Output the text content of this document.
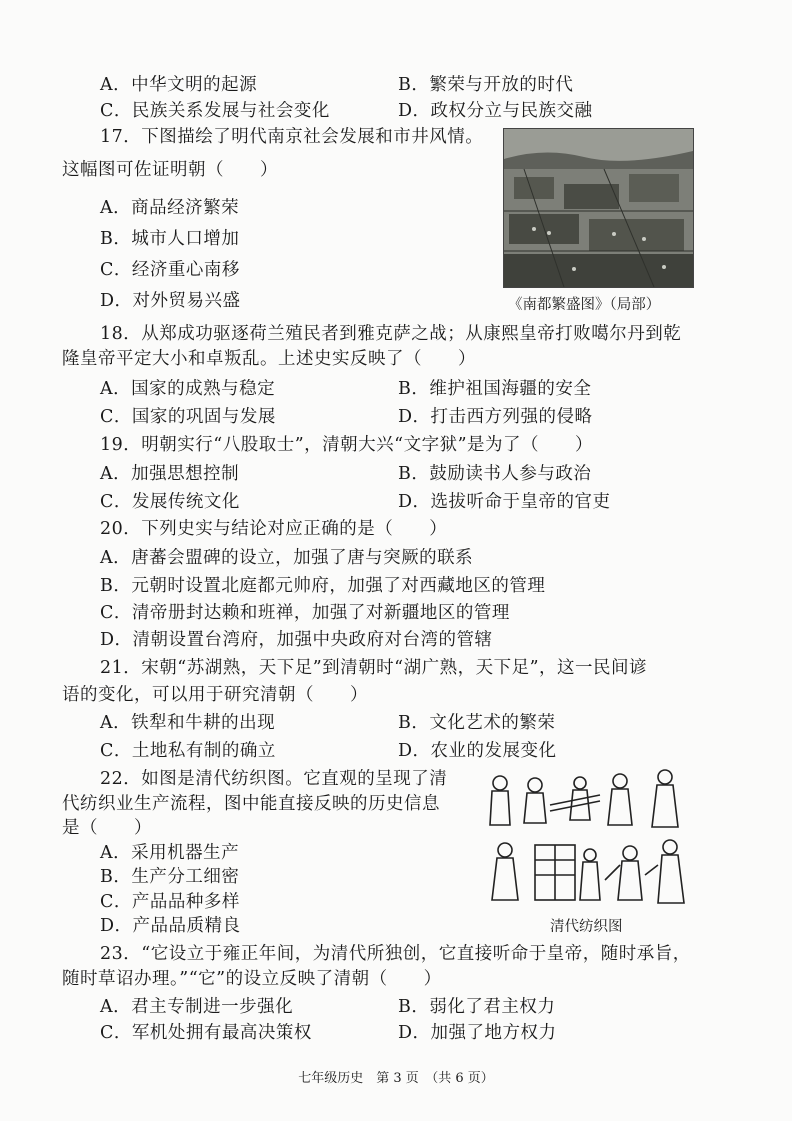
A．中华文明的起源	B．繁荣与开放的时代
C．民族关系发展与社会变化	D．政权分立与民族交融
17．下图描绘了明代南京社会发展和市井风情。
这幅图可佐证明朝（　　）
A．商品经济繁荣
B．城市人口增加
C．经济重心南移
D．对外贸易兴盛	《南都繁盛图》（局部）
18．从郑成功驱逐荷兰殖民者到雅克萨之战；从康熙皇帝打败噶尔丹到乾
隆皇帝平定大小和卓叛乱。上述史实反映了（　　）
A．国家的成熟与稳定	B．维护祖国海疆的安全
C．国家的巩固与发展	D．打击西方列强的侵略
19．明朝实行“八股取士”，清朝大兴“文字狱”是为了（　　）
A．加强思想控制	B．鼓励读书人参与政治
C．发展传统文化	D．选拔听命于皇帝的官吏
20．下列史实与结论对应正确的是（　　）
A．唐蕃会盟碑的设立，加强了唐与突厥的联系
B．元朝时设置北庭都元帅府，加强了对西藏地区的管理
C．清帝册封达赖和班禅，加强了对新疆地区的管理
D．清朝设置台湾府，加强中央政府对台湾的管辖
21．宋朝“苏湖熟，天下足”到清朝时“湖广熟，天下足”，这一民间谚
语的变化，可以用于研究清朝（　　）
A．铁犁和牛耕的出现	B．文化艺术的繁荣
C．土地私有制的确立	D．农业的发展变化
22．如图是清代纺织图。它直观的呈现了清
代纺织业生产流程，图中能直接反映的历史信息
是（　　）
A．采用机器生产
B．生产分工细密
C．产品品种多样
D．产品品质精良	清代纺织图
23．“它设立于雍正年间，为清代所独创，它直接听命于皇帝，随时承旨，
随时草诏办理。”“它”的设立反映了清朝（　　）
A．君主专制进一步强化	B．弱化了君主权力
C．军机处拥有最高决策权	D．加强了地方权力
七年级历史　第 3 页　（共 6 页）
